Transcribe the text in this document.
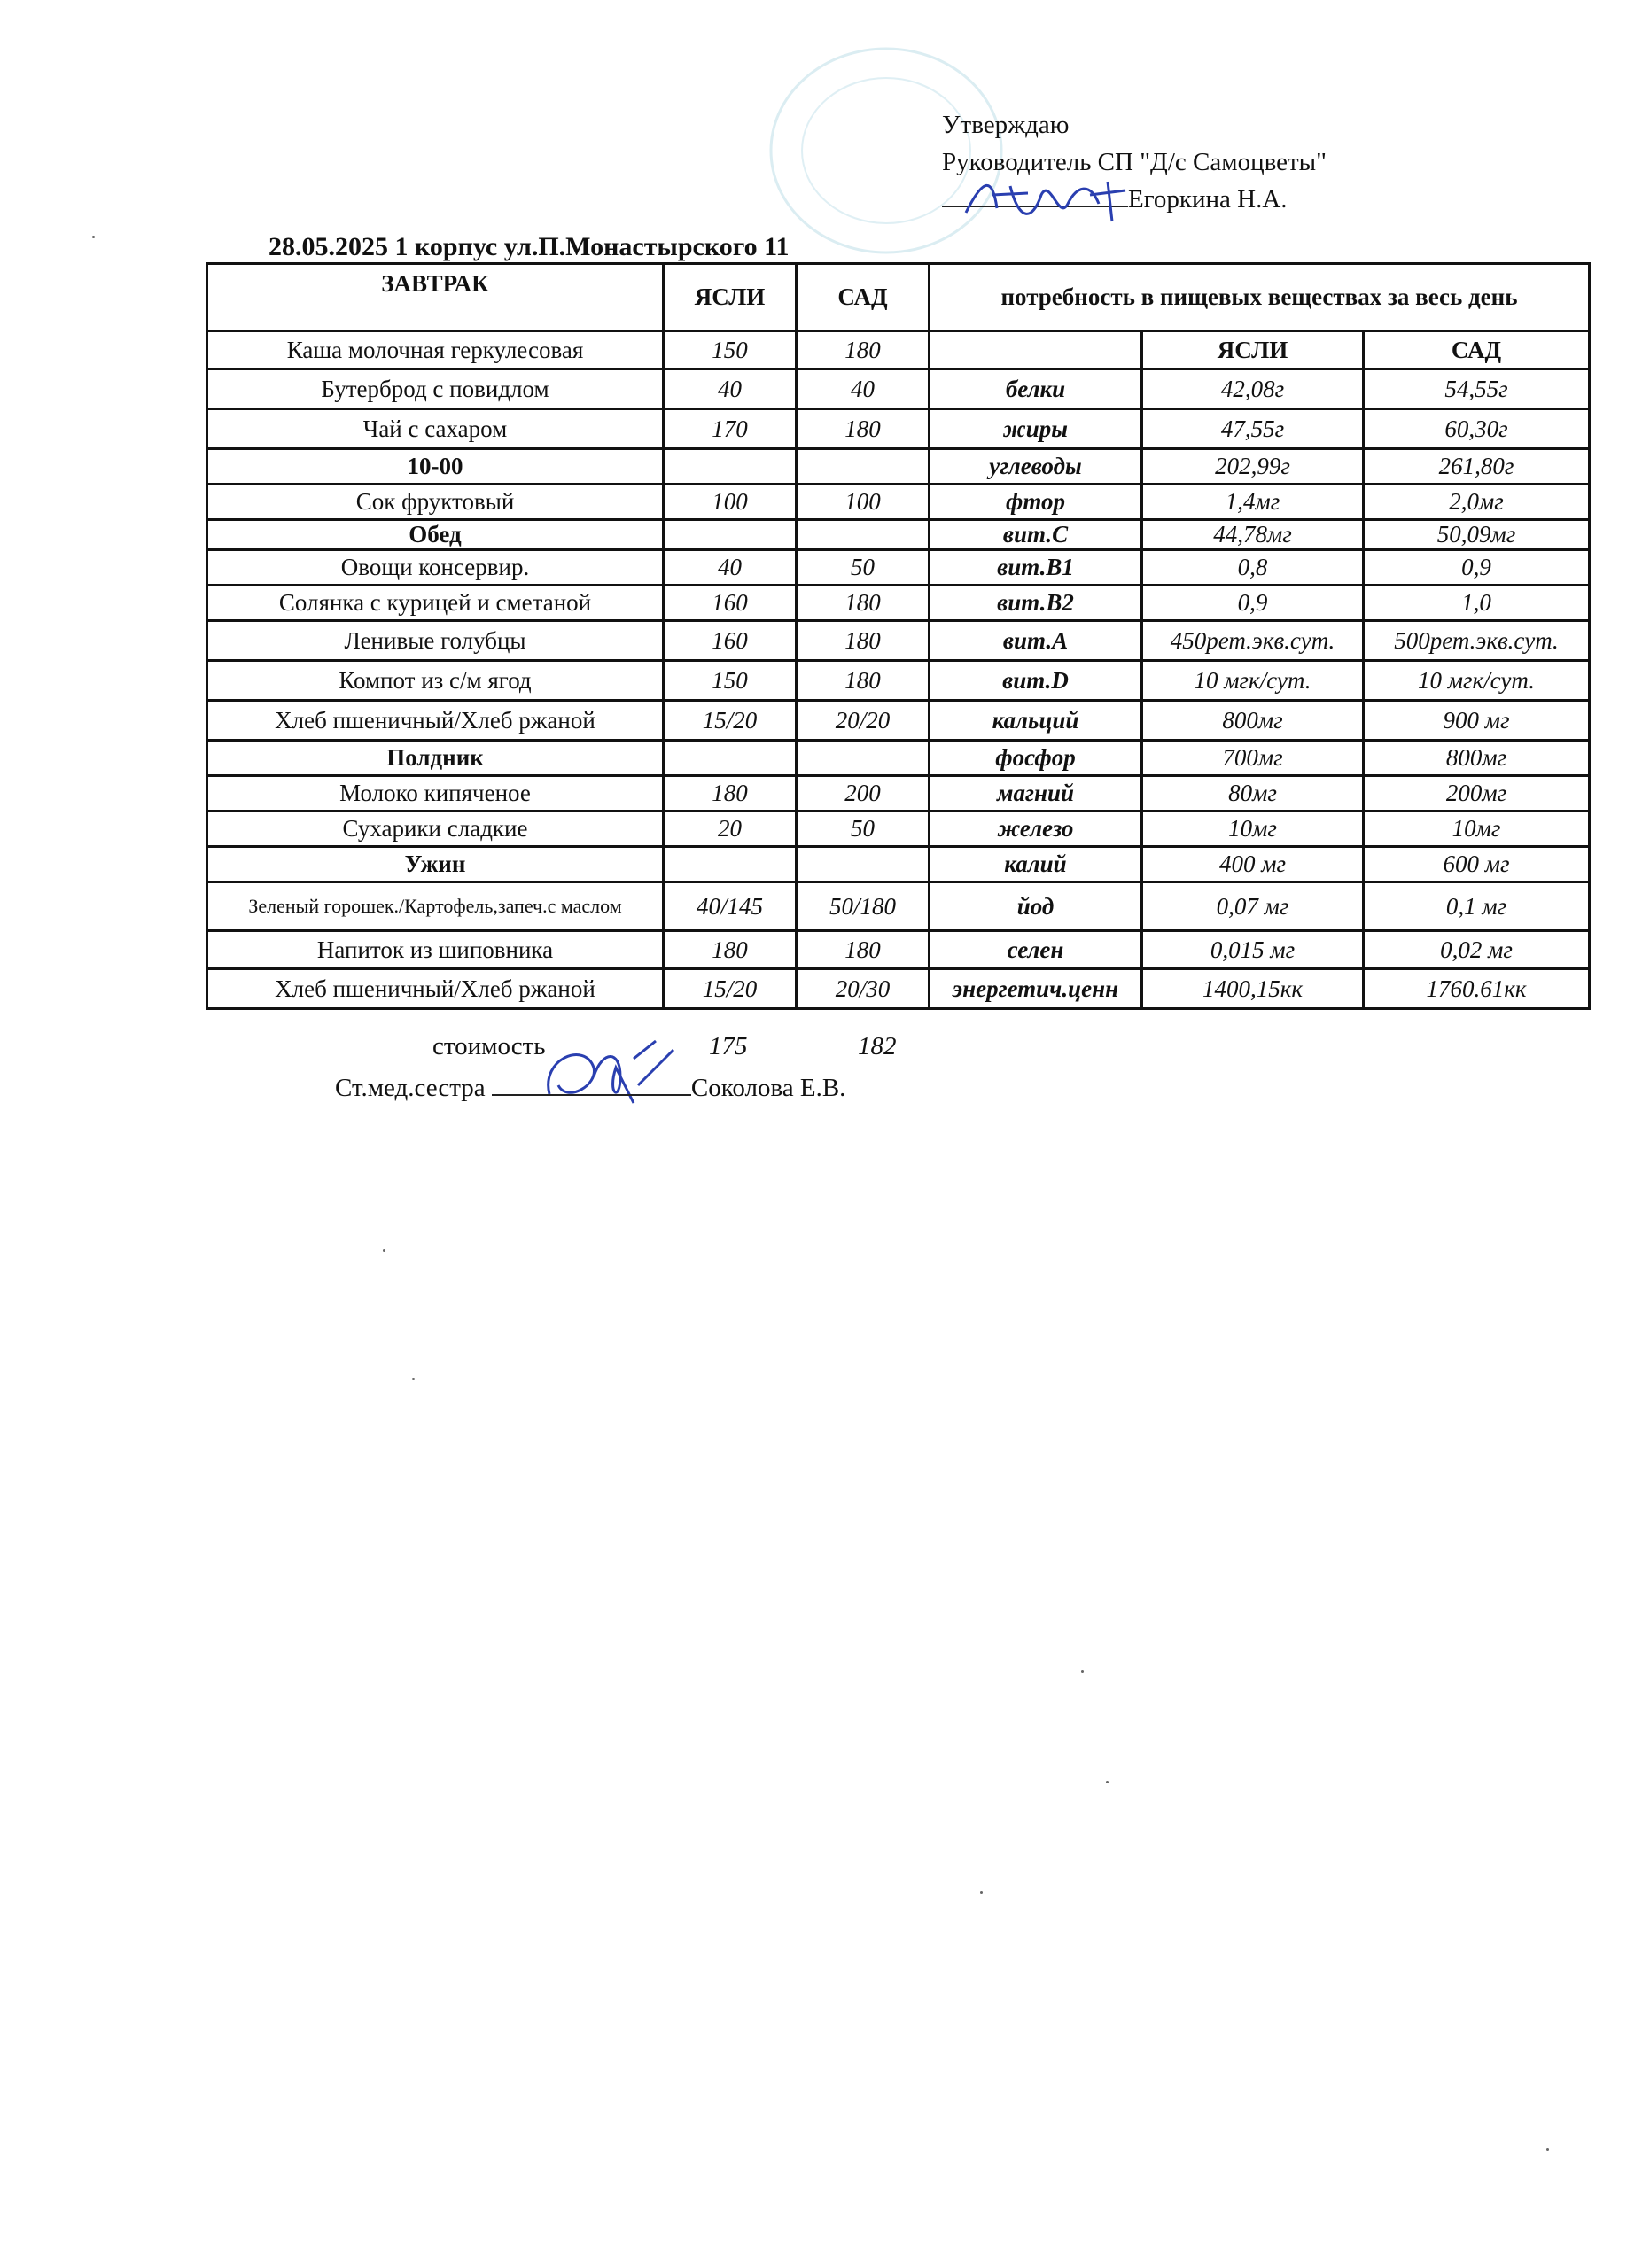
Утверждаю
Руководитель СП "Д/с Самоцветы"
Егоркина Н.А.
28.05.2025 1 корпус ул.П.Монастырского 11
ЗАВТРАК	ЯСЛИ	САД	потребность в пищевых веществах за весь день		
Каша молочная геркулесовая	150	180		ЯСЛИ	САД
Бутерброд с повидлом	40	40	белки	42,08г	54,55г
Чай с сахаром	170	180	жиры	47,55г	60,30г
10-00			углеводы	202,99г	261,80г
Сок фруктовый	100	100	фтор	1,4мг	2,0мг
Обед			вит.С	44,78мг	50,09мг
Овощи консервир.	40	50	вит.В1	0,8	0,9
Солянка с курицей и сметаной	160	180	вит.В2	0,9	1,0
Ленивые голубцы	160	180	вит.А	450рет.экв.сут.	500рет.экв.сут.
Компот из с/м ягод	150	180	вит.D	10 мгк/сут.	10 мгк/сут.
Хлеб пшеничный/Хлеб ржаной	15/20	20/20	кальций	800мг	900 мг
Полдник			фосфор	700мг	800мг
Молоко кипяченое	180	200	магний	80мг	200мг
Сухарики сладкие	20	50	железо	10мг	10мг
Ужин			калий	400 мг	600 мг
Зеленый горошек./Картофель,запеч.с маслом	40/145	50/180	йод	0,07 мг	0,1 мг
Напиток из шиповника	180	180	селен	0,015 мг	0,02 мг
Хлеб пшеничный/Хлеб ржаной	15/20	20/30	энергетич.ценн	1400,15кк	1760.61кк
стоимость	175	182
Ст.мед.сестра	Соколова Е.В.
